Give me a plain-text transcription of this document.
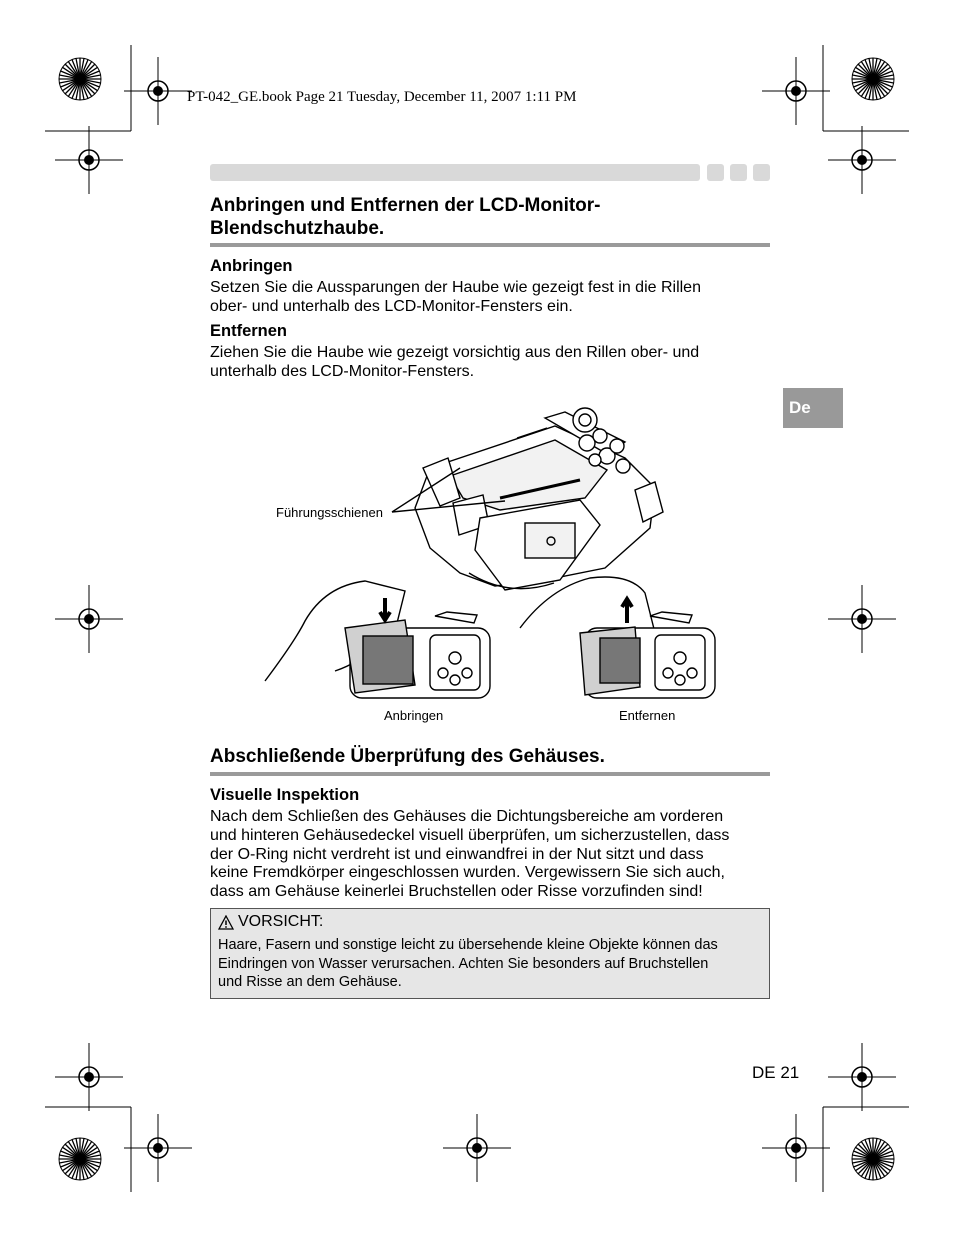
PT-042_GE.book Page 21 Tuesday, December 11, 2007 1:11 PM
De
Anbringen und Entfernen der LCD-Monitor-
Blendschutzhaube.
Anbringen
Setzen Sie die Aussparungen der Haube wie gezeigt fest in die Rillen
ober- und unterhalb des LCD-Monitor-Fensters ein.
Entfernen
Ziehen Sie die Haube wie gezeigt vorsichtig aus den Rillen ober- und
unterhalb des LCD-Monitor-Fensters.
Führungsschienen
Anbringen	Entfernen
Abschließende Überprüfung des Gehäuses.
Visuelle Inspektion
Nach dem Schließen des Gehäuses die Dichtungsbereiche am vorderen
und hinteren Gehäusedeckel visuell überprüfen, um sicherzustellen, dass
der O-Ring nicht verdreht ist und einwandfrei in der Nut sitzt und dass
keine Fremdkörper eingeschlossen wurden. Vergewissern Sie sich auch,
dass am Gehäuse keinerlei Bruchstellen oder Risse vorzufinden sind!
VORSICHT:
Haare, Fasern und sonstige leicht zu übersehende kleine Objekte können das
Eindringen von Wasser verursachen. Achten Sie besonders auf Bruchstellen
und Risse an dem Gehäuse.
DE 21
